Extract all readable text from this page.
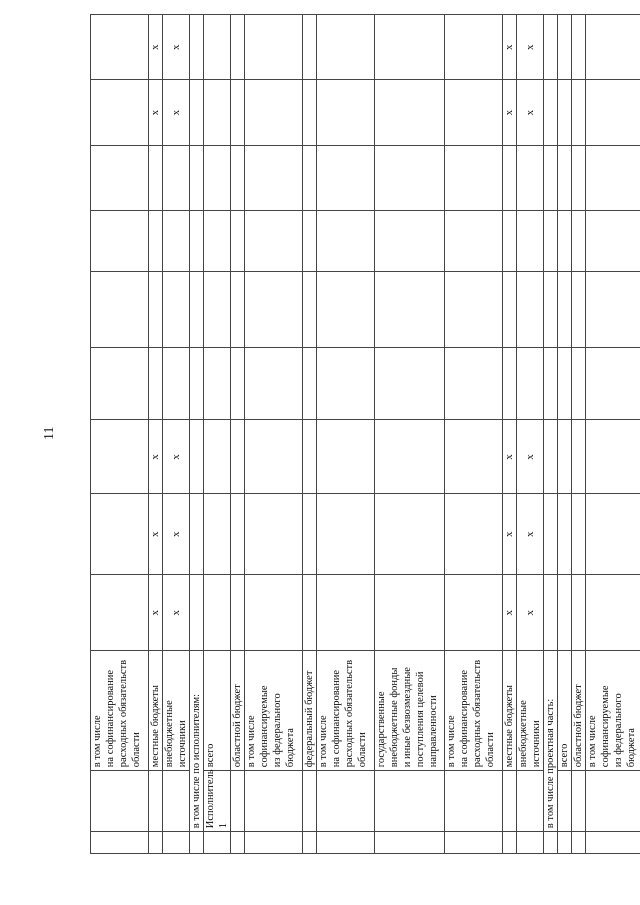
11
		в том числе
на софинансирование
расходных обязательств
области									
		местные бюджеты	x	x	x					x	x
		внебюджетные источники	x	x	x					x	x
	в том числе по исполнителям:										
	Исполнитель 1	всего									
		областной бюджет									
		в том числе
софинансируемые
из федерального
бюджета									
		федеральный бюджет									
		в том числе
на софинансирование
расходных обязательств
области									
		государственные
внебюджетные фонды
и иные безвозмездные
поступления целевой
направленности									
		в том числе
на софинансирование
расходных обязательств
области									
		местные бюджеты	x	x	x					x	x
		внебюджетные источники	x	x	x					x	x
	в том числе проектная часть:										
		всего									
		областной бюджет									
		в том числе
софинансируемые
из федерального
бюджета									
